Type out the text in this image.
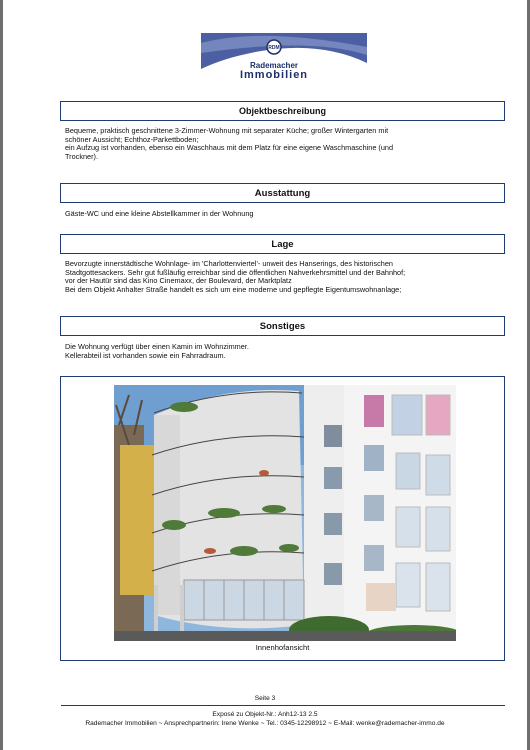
RDM
RING DEUTSCHER MAKLER
Rademacher
Immobilien
Objektbeschreibung

Bequeme, praktisch geschnittene 3-Zimmer-Wohnung mit separater Küche; großer Wintergarten mit

schöner Aussicht; Echthoz-Parkettboden;

ein Aufzug ist vorhanden, ebenso ein Waschhaus mit dem Platz für eine eigene Waschmaschine (und

Trockner).

Ausstattung

Gäste-WC und eine kleine Abstellkammer in der Wohnung

Lage

Bevorzugte innerstädtische Wohnlage- im 'Charlottenviertel'- unweit des Hanserings, des historischen

Stadtgottesackers. Sehr gut fußläufig erreichbar sind die öffentlichen Nahverkehrsmittel und der Bahnhof;

vor der Hautür sind das Kino Cinemaxx, der Boulevard, der Marktplatz

Bei dem Objekt Anhalter Straße handelt es sich um eine moderne und gepflegte Eigentumswohnanlage;

Sonstiges

Die Wohnung verfügt über einen Kamin im Wohnzimmer.

Kellerabteil ist vorhanden sowie ein Fahrradraum.

Innenhofansicht
Seite 3
Exposé zu Objekt-Nr.: Anh12-13 2.5
Rademacher Immobilien ~ Ansprechpartnerin: Irene Wenke ~ Tel.: 0345-12298912 ~ E-Mail: wenke@rademacher-immo.de
